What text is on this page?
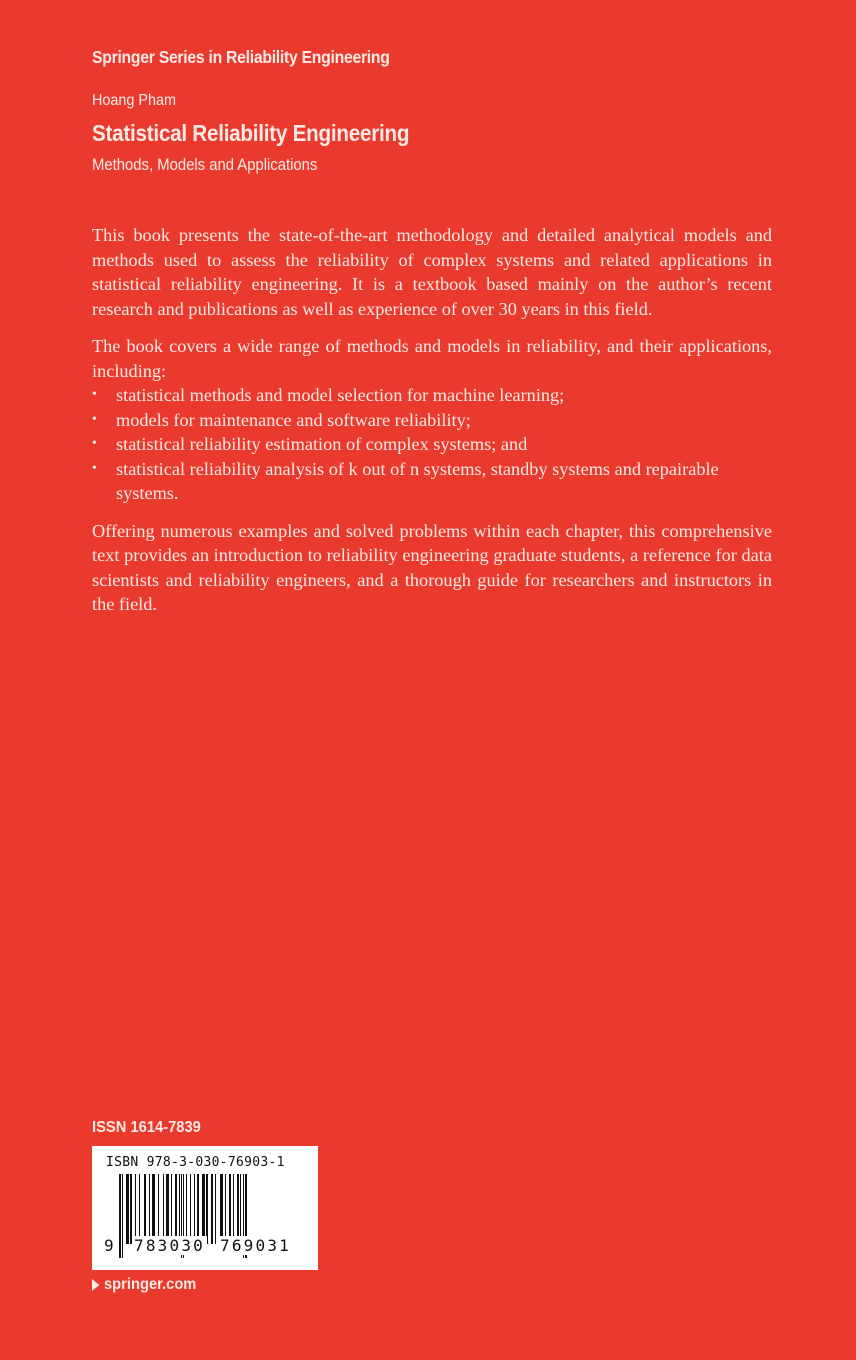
Springer Series in Reliability Engineering
Hoang Pham
Statistical Reliability Engineering
Methods, Models and Applications

This book presents the state-of-the-art methodology and detailed analytical models and methods used to assess the reliability of complex systems and related applications in statistical reliability engineering. It is a textbook based mainly on the author’s recent research and publications as well as experience of over 30 years in this field.

The book covers a wide range of methods and models in reliability, and their applications, including:

• statistical methods and model selection for machine learning;
• models for maintenance and software reliability;
• statistical reliability estimation of complex systems; and
• statistical reliability analysis of k out of n systems, standby systems and repairable systems.

Offering numerous examples and solved problems within each chapter, this comprehensive text provides an introduction to reliability engineering graduate students, a reference for data scientists and reliability engineers, and a thorough guide for researchers and instructors in the field.

ISSN 1614-7839
ISBN 978-3-030-76903-1
9 783030 769031
springer.com
